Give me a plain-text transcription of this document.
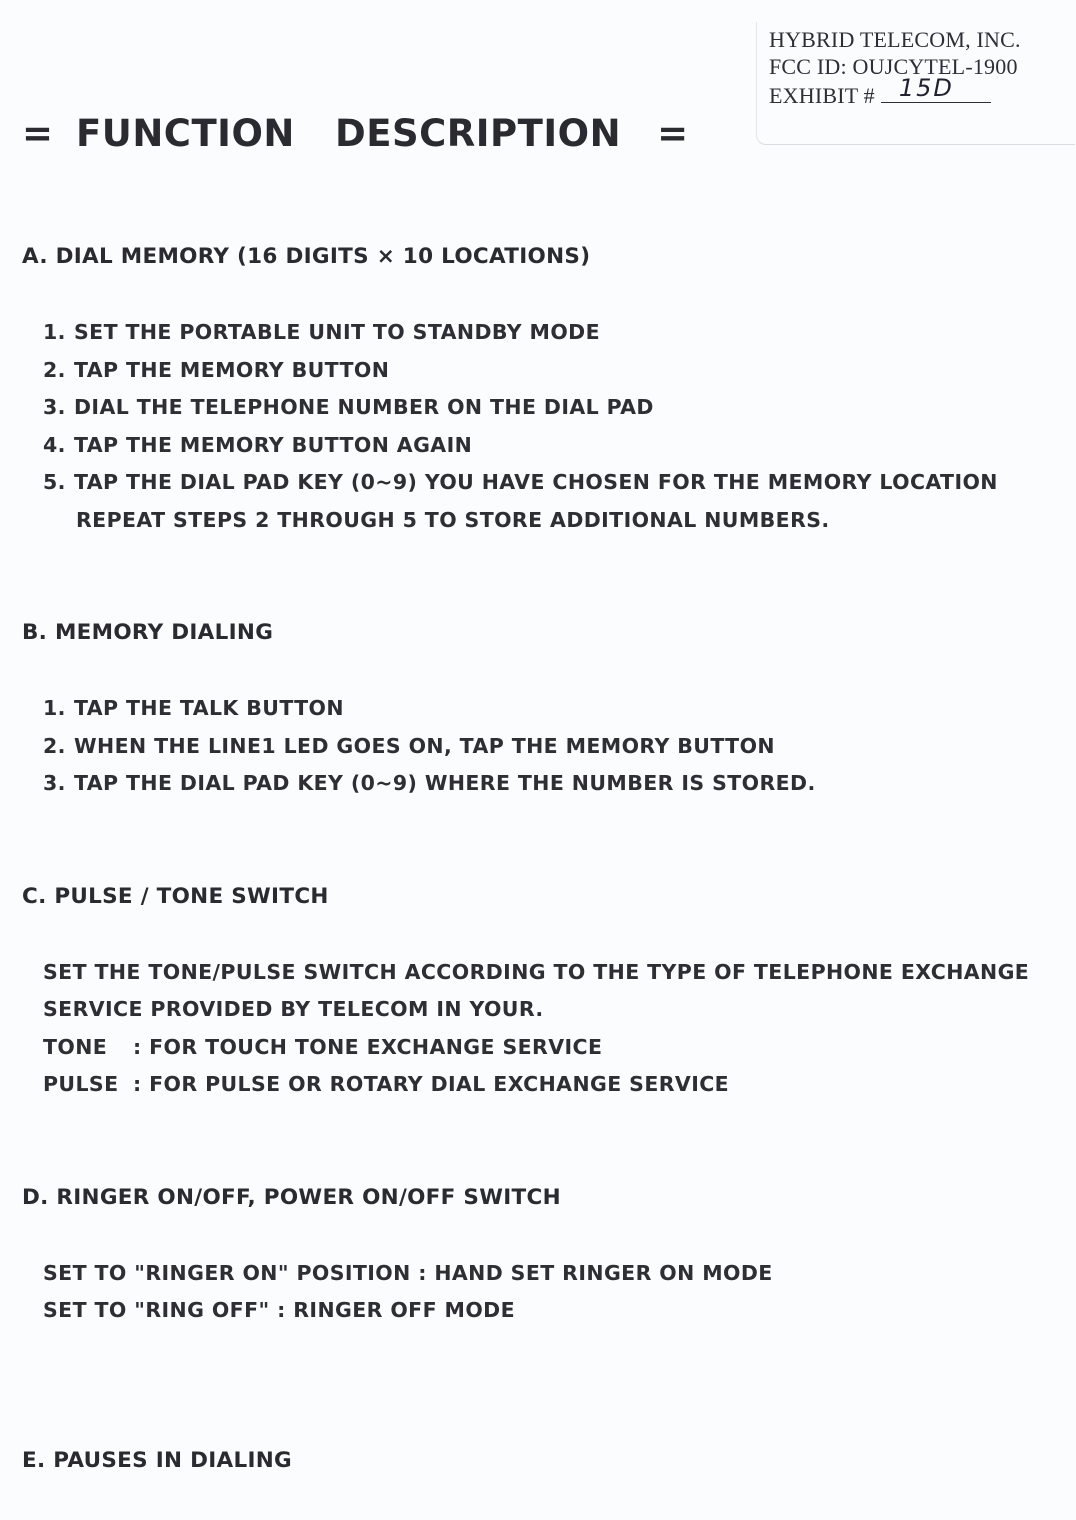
HYBRID TELECOM, INC.
FCC ID: OUJCYTEL-1900
EXHIBIT # 15D
= FUNCTION   DESCRIPTION =
A. DIAL MEMORY (16 DIGITS × 10 LOCATIONS)
1. SET THE PORTABLE UNIT TO STANDBY MODE
2. TAP THE MEMORY BUTTON
3. DIAL THE TELEPHONE NUMBER ON THE DIAL PAD
4. TAP THE MEMORY BUTTON AGAIN
5. TAP THE DIAL PAD KEY (0~9) YOU HAVE CHOSEN FOR THE MEMORY LOCATION
REPEAT STEPS 2 THROUGH 5 TO STORE ADDITIONAL NUMBERS.
B. MEMORY DIALING
1. TAP THE TALK BUTTON
2. WHEN THE LINE1 LED GOES ON, TAP THE MEMORY BUTTON
3. TAP THE DIAL PAD KEY (0~9) WHERE THE NUMBER IS STORED.
C. PULSE / TONE SWITCH
SET THE TONE/PULSE SWITCH ACCORDING TO THE TYPE OF TELEPHONE EXCHANGE
SERVICE PROVIDED BY TELECOM IN YOUR.
TONE : FOR TOUCH TONE EXCHANGE SERVICE
PULSE : FOR PULSE OR ROTARY DIAL EXCHANGE SERVICE
D. RINGER ON/OFF, POWER ON/OFF SWITCH
SET TO "RINGER ON" POSITION : HAND SET RINGER ON MODE
SET TO "RING OFF" : RINGER OFF MODE
E. PAUSES IN DIALING
